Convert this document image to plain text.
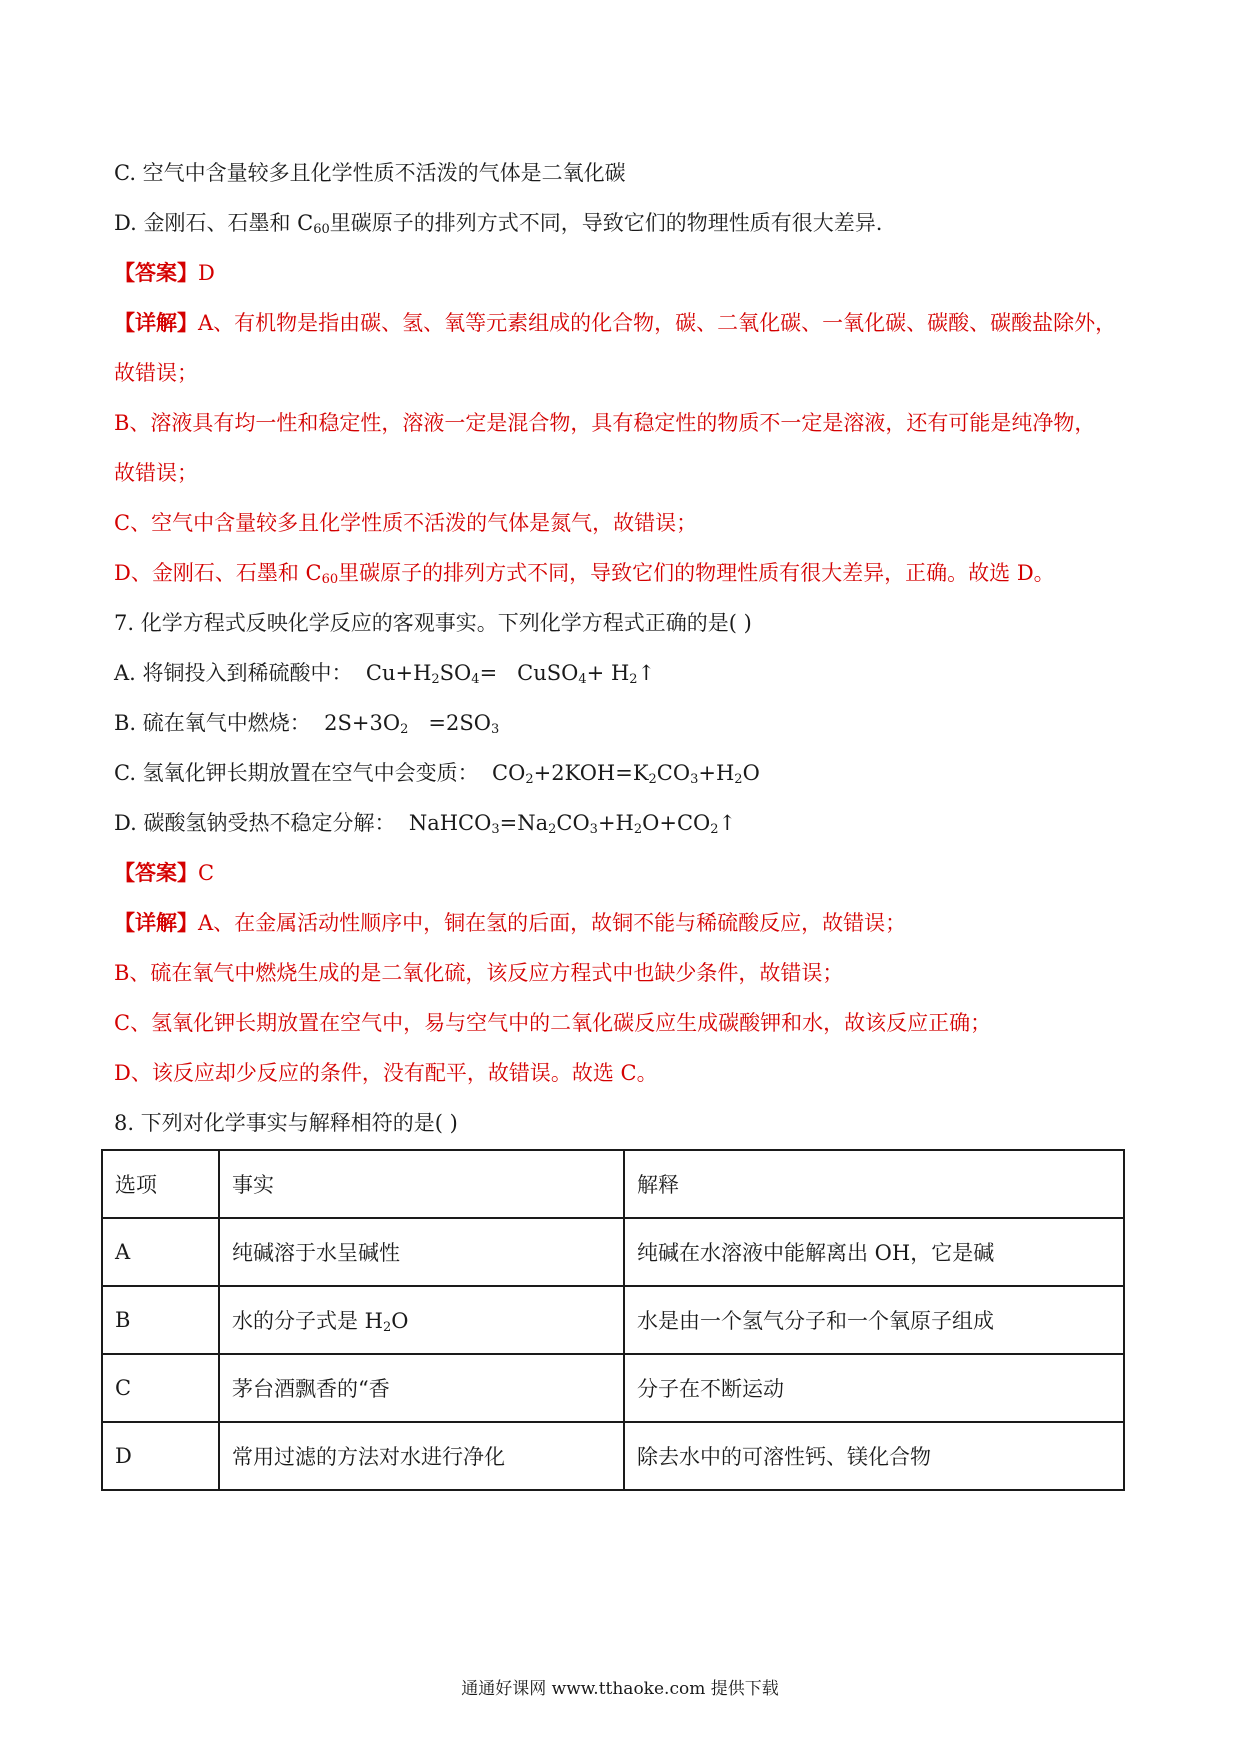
C. 空气中含量较多且化学性质不活泼的气体是二氧化碳
D. 金刚石、石墨和 $C_{60}$里碳原子的排列方式不同，导致它们的物理性质有很大差异.
【答案】D
【详解】A、有机物是指由碳、氢、氧等元素组成的化合物，碳、二氧化碳、一氧化碳、碳酸、碳酸盐除外，
故错误；
B、溶液具有均一性和稳定性，溶液一定是混合物，具有稳定性的物质不一定是溶液，还有可能是纯净物，
故错误；
C、空气中含量较多且化学性质不活泼的气体是氮气，故错误；
D、金刚石、石墨和 $C_{60}$里碳原子的排列方式不同，导致它们的物理性质有很大差异，正确。故选 D。
7. 化学方程式反映化学反应的客观事实。下列化学方程式正确的是( )
A. 将铜投入到稀硫酸中： $Cu+H_2SO_4=$   CuSO$_4$+ $H_2↑$
B. 硫在氧气中燃烧： $2S+3O_2 =2SO_3$
C. 氢氧化钾长期放置在空气中会变质： $CO_2+2KOH=K_2CO_3+H_2O$
D. 碳酸氢钠受热不稳定分解： $NaHCO_3=Na_2CO_3+H_2O+CO_2↑$
【答案】C
【详解】A、在金属活动性顺序中，铜在氢的后面，故铜不能与稀硫酸反应，故错误；
B、硫在氧气中燃烧生成的是二氧化硫，该反应方程式中也缺少条件，故错误；
C、氢氧化钾长期放置在空气中，易与空气中的二氧化碳反应生成碳酸钾和水，故该反应正确；
D、该反应却少反应的条件，没有配平，故错误。故选 C。
8. 下列对化学事实与解释相符的是( )
选项	事实	解释
A	纯碱溶于水呈碱性	纯碱在水溶液中能解离出 OH，它是碱
B	水的分子式是 $H_2O$	水是由一个氢气分子和一个氧原子组成
C	茅台酒飘香的“香	分子在不断运动
D	常用过滤的方法对水进行净化	除去水中的可溶性钙、镁化合物
通通好课网 www.tthaoke.com 提供下载
